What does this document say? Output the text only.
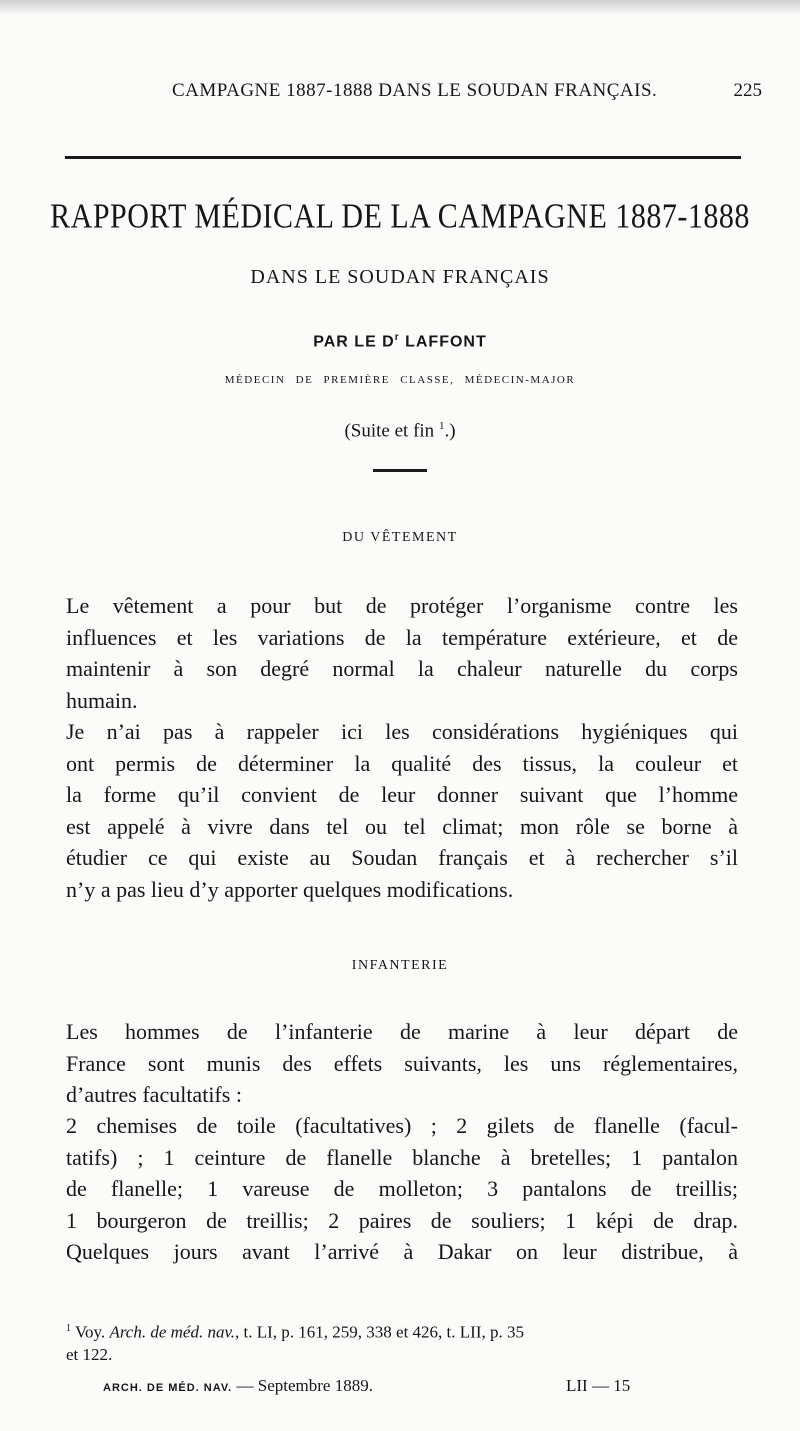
CAMPAGNE 1887-1888 DANS LE SOUDAN FRANÇAIS.	225
RAPPORT MÉDICAL DE LA CAMPAGNE 1887-1888
DANS LE SOUDAN FRANÇAIS
PAR LE $D^r$ LAFFONT
MÉDECIN DE PREMIÈRE CLASSE, MÉDECIN-MAJOR
(Suite et fin $^1$.)
DU VÊTEMENT
Le vêtement a pour but de protéger l’organisme contre les
influences et les variations de la température extérieure, et de
maintenir à son degré normal la chaleur naturelle du corps
humain.
Je n’ai pas à rappeler ici les considérations hygiéniques qui
ont permis de déterminer la qualité des tissus, la couleur et
la forme qu’il convient de leur donner suivant que l’homme
est appelé à vivre dans tel ou tel climat; mon rôle se borne à
étudier ce qui existe au Soudan français et à rechercher s’il
n’y a pas lieu d’y apporter quelques modifications.
INFANTERIE
Les hommes de l’infanterie de marine à leur départ de
France sont munis des effets suivants, les uns réglementaires,
d’autres facultatifs :
2 chemises de toile (facultatives) ; 2 gilets de flanelle (facul-
tatifs) ; 1 ceinture de flanelle blanche à bretelles; 1 pantalon
de flanelle; 1 vareuse de molleton; 3 pantalons de treillis;
1 bourgeron de treillis; 2 paires de souliers; 1 képi de drap.
Quelques jours avant l’arrivé à Dakar on leur distribue, à
$^1$ Voy. Arch. de méd. nav., t. LI, p. 161, 259, 338 et 426, t. LII, p. 35
et 122.
ARCH. DE MÉD. NAV. — Septembre 1889.	LII — 15
